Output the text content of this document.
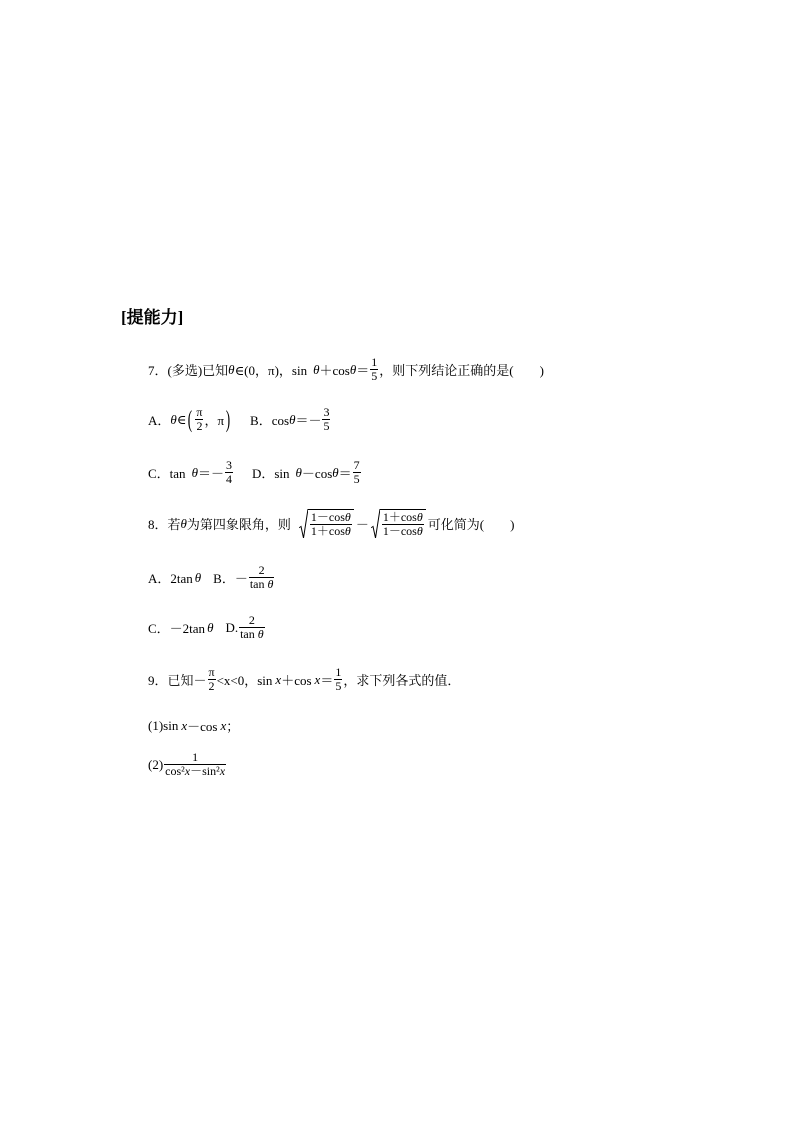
[提能力]
7．(多选)已知 θ ∈(0，π)，sin θ ＋cos $\theta = \frac{1}{5}$ ，则下列结论正确的是(　　)
A． θ ∈ ( $\frac{\pi}{2}$ ，π ) B．$\cos \theta =- \frac{3}{5}$
C．$\tan \theta =- \frac{3}{4}$ D．sin θ －cos $\theta = \frac{7}{5}$
8．若 θ 为第四象限角，则 $\frac{1-\cos\theta}{1+\cos\theta} - \frac{1+\cos\theta}{1-\cos\theta}$ 可化简为(　　)
A．2tan θ B．－ $\frac{2}{\text{tan θ}}$
C．－2tan θ D. $\frac{2}{\text{tan θ}}$
9．已知－ $\frac{\pi}{2} <x<0$，sin x ＋cos $x = \frac{1}{5}$ ，求下列各式的值．
(1)sin x －cos x ；
$(2) \frac{1}{\text{cos²x－sin²x}}$
